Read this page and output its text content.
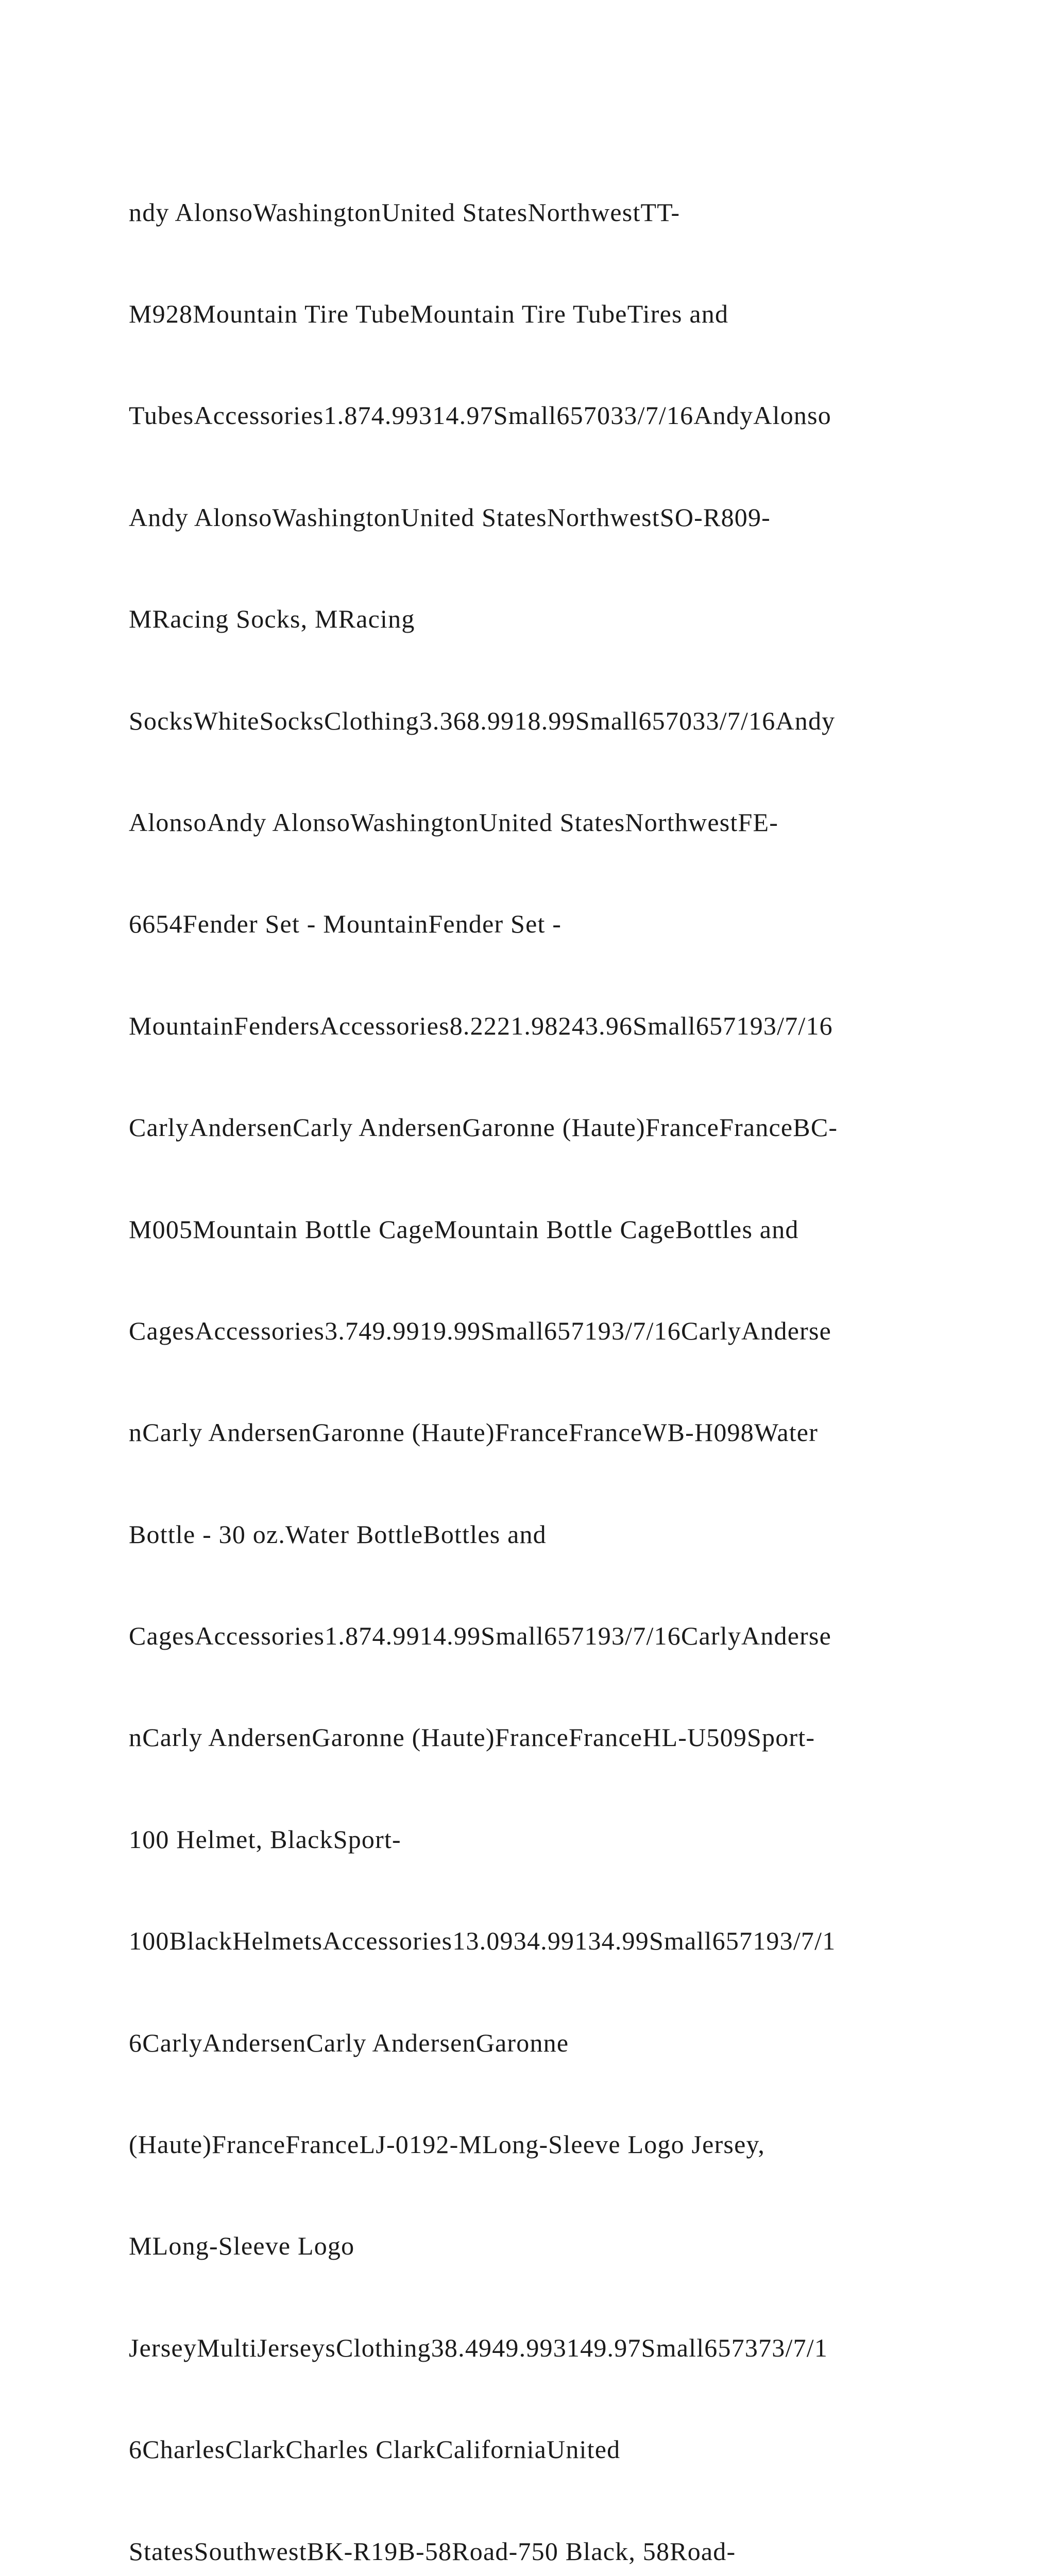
ndy AlonsoWashingtonUnited StatesNorthwestTT-

M928Mountain Tire TubeMountain Tire TubeTires and

TubesAccessories1.874.99314.97Small657033/7/16AndyAlonso

Andy AlonsoWashingtonUnited StatesNorthwestSO-R809-

MRacing Socks, MRacing

SocksWhiteSocksClothing3.368.9918.99Small657033/7/16Andy

AlonsoAndy AlonsoWashingtonUnited StatesNorthwestFE-

6654Fender Set - MountainFender Set -

MountainFendersAccessories8.2221.98243.96Small657193/7/16

CarlyAndersenCarly AndersenGaronne (Haute)FranceFranceBC-

M005Mountain Bottle CageMountain Bottle CageBottles and

CagesAccessories3.749.9919.99Small657193/7/16CarlyAnderse

nCarly AndersenGaronne (Haute)FranceFranceWB-H098Water

Bottle - 30 oz.Water BottleBottles and

CagesAccessories1.874.9914.99Small657193/7/16CarlyAnderse

nCarly AndersenGaronne (Haute)FranceFranceHL-U509Sport-

100 Helmet, BlackSport-

100BlackHelmetsAccessories13.0934.99134.99Small657193/7/1

6CarlyAndersenCarly AndersenGaronne

(Haute)FranceFranceLJ-0192-MLong-Sleeve Logo Jersey,

MLong-Sleeve Logo

JerseyMultiJerseysClothing38.4949.993149.97Small657373/7/1

6CharlesClarkCharles ClarkCaliforniaUnited

StatesSouthwestBK-R19B-58Road-750 Black, 58Road-
